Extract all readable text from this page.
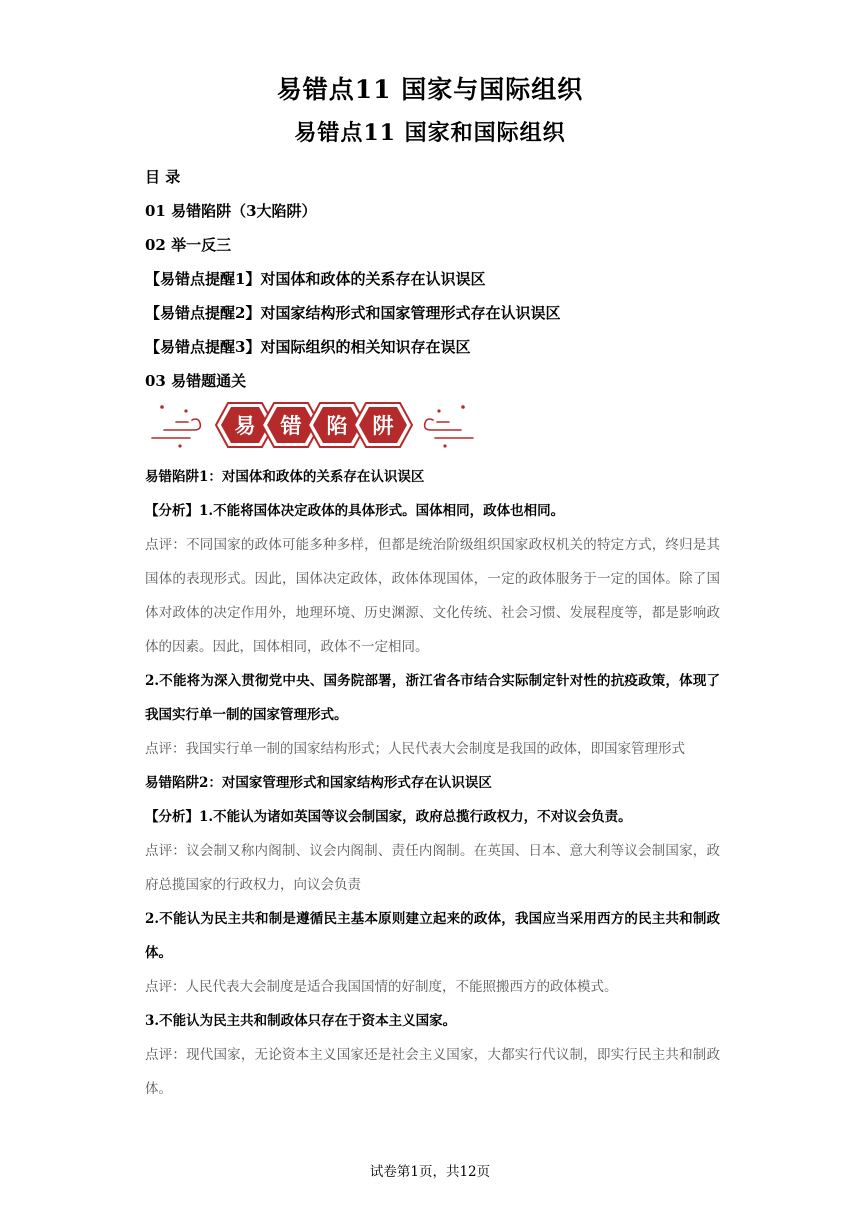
易错点11 国家与国际组织
易错点11 国家和国际组织
目 录
01 易错陷阱（3大陷阱）
02 举一反三
【易错点提醒1】对国体和政体的关系存在认识误区
【易错点提醒2】对国家结构形式和国家管理形式存在认识误区
【易错点提醒3】对国际组织的相关知识存在误区
03 易错题通关
易 错 陷 阱

易错陷阱1：对国体和政体的关系存在认识误区

【分析】1.不能将国体决定政体的具体形式。国体相同，政体也相同。

点评：不同国家的政体可能多种多样，但都是统治阶级组织国家政权机关的特定方式，终归是其国体的表现形式。因此，国体决定政体，政体体现国体，一定的政体服务于一定的国体。除了国体对政体的决定作用外，地理环境、历史渊源、文化传统、社会习惯、发展程度等，都是影响政体的因素。因此，国体相同，政体不一定相同。

2.不能将为深入贯彻党中央、国务院部署，浙江省各市结合实际制定针对性的抗疫政策，体现了我国实行单一制的国家管理形式。

点评：我国实行单一制的国家结构形式；人民代表大会制度是我国的政体，即国家管理形式

易错陷阱2：对国家管理形式和国家结构形式存在认识误区

【分析】1.不能认为诸如英国等议会制国家，政府总揽行政权力，不对议会负责。

点评：议会制又称内阁制、议会内阁制、责任内阁制。在英国、日本、意大利等议会制国家，政府总揽国家的行政权力，向议会负责

2.不能认为民主共和制是遵循民主基本原则建立起来的政体，我国应当采用西方的民主共和制政体。

点评：人民代表大会制度是适合我国国情的好制度，不能照搬西方的政体模式。

3.不能认为民主共和制政体只存在于资本主义国家。

点评：现代国家，无论资本主义国家还是社会主义国家，大都实行代议制，即实行民主共和制政体。

试卷第1页，共12页
